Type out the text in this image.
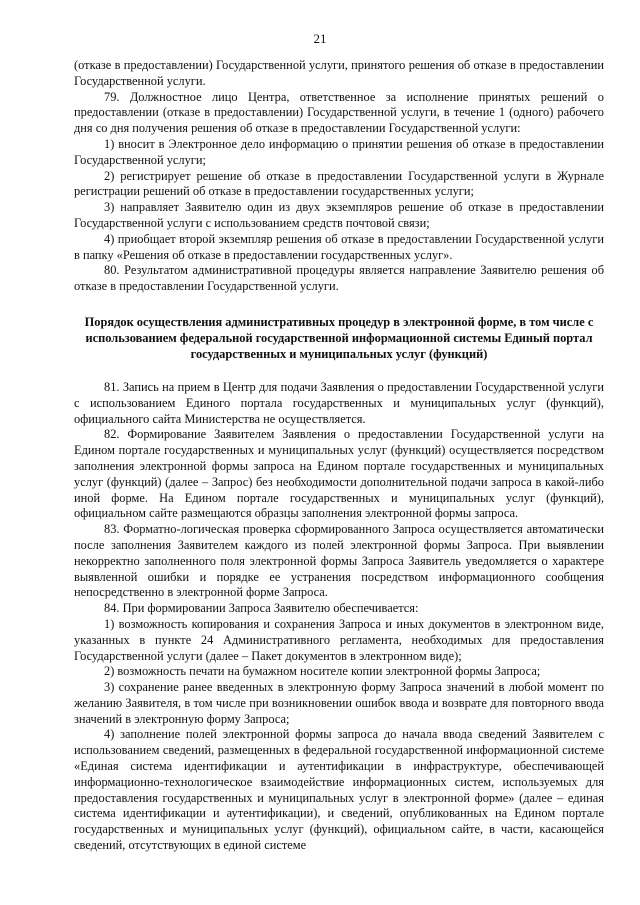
21

(отказе в предоставлении) Государственной услуги, принятого решения об отказе в предоставлении Государственной услуги.

79. Должностное лицо Центра, ответственное за исполнение принятых решений о предоставлении (отказе в предоставлении) Государственной услуги, в течение 1 (одного) рабочего дня со дня получения решения об отказе в предоставлении Государственной услуги:

1) вносит в Электронное дело информацию о принятии решения об отказе в предоставлении Государственной услуги;

2) регистрирует решение об отказе в предоставлении Государственной услуги в Журнале регистрации решений об отказе в предоставлении государственных услуги;

3) направляет Заявителю один из двух экземпляров решение об отказе в предоставлении Государственной услуги с использованием средств почтовой связи;

4) приобщает второй экземпляр решения об отказе в предоставлении Государственной услуги в папку «Решения об отказе в предоставлении государственных услуг».

80. Результатом административной процедуры является направление Заявителю решения об отказе в предоставлении Государственной услуги.

Порядок осуществления административных процедур в электронной форме, в том числе с использованием федеральной государственной информационной системы Единый портал государственных и муниципальных услуг (функций)

81. Запись на прием в Центр для подачи Заявления о предоставлении Государственной услуги с использованием Единого портала государственных и муниципальных услуг (функций), официального сайта Министерства не осуществляется.

82. Формирование Заявителем Заявления о предоставлении Государственной услуги на Едином портале государственных и муниципальных услуг (функций) осуществляется посредством заполнения электронной формы запроса на Едином портале государственных и муниципальных услуг (функций) (далее – Запрос) без необходимости дополнительной подачи запроса в какой-либо иной форме. На Едином портале государственных и муниципальных услуг (функций), официальном сайте размещаются образцы заполнения электронной формы запроса.

83. Форматно-логическая проверка сформированного Запроса осуществляется автоматически после заполнения Заявителем каждого из полей электронной формы Запроса. При выявлении некорректно заполненного поля электронной формы Запроса Заявитель уведомляется о характере выявленной ошибки и порядке ее устранения посредством информационного сообщения непосредственно в электронной форме Запроса.

84. При формировании Запроса Заявителю обеспечивается:

1) возможность копирования и сохранения Запроса и иных документов в электронном виде, указанных в пункте 24 Административного регламента, необходимых для предоставления Государственной услуги (далее – Пакет документов в электронном виде);

2) возможность печати на бумажном носителе копии электронной формы Запроса;

3) сохранение ранее введенных в электронную форму Запроса значений в любой момент по желанию Заявителя, в том числе при возникновении ошибок ввода и возврате для повторного ввода значений в электронную форму Запроса;

4) заполнение полей электронной формы запроса до начала ввода сведений Заявителем с использованием сведений, размещенных в федеральной государственной информационной системе «Единая система идентификации и аутентификации в инфраструктуре, обеспечивающей информационно-технологическое взаимодействие информационных систем, используемых для предоставления государственных и муниципальных услуг в электронной форме» (далее – единая система идентификации и аутентификации), и сведений, опубликованных на Едином портале государственных и муниципальных услуг (функций), официальном сайте, в части, касающейся сведений, отсутствующих в единой системе
